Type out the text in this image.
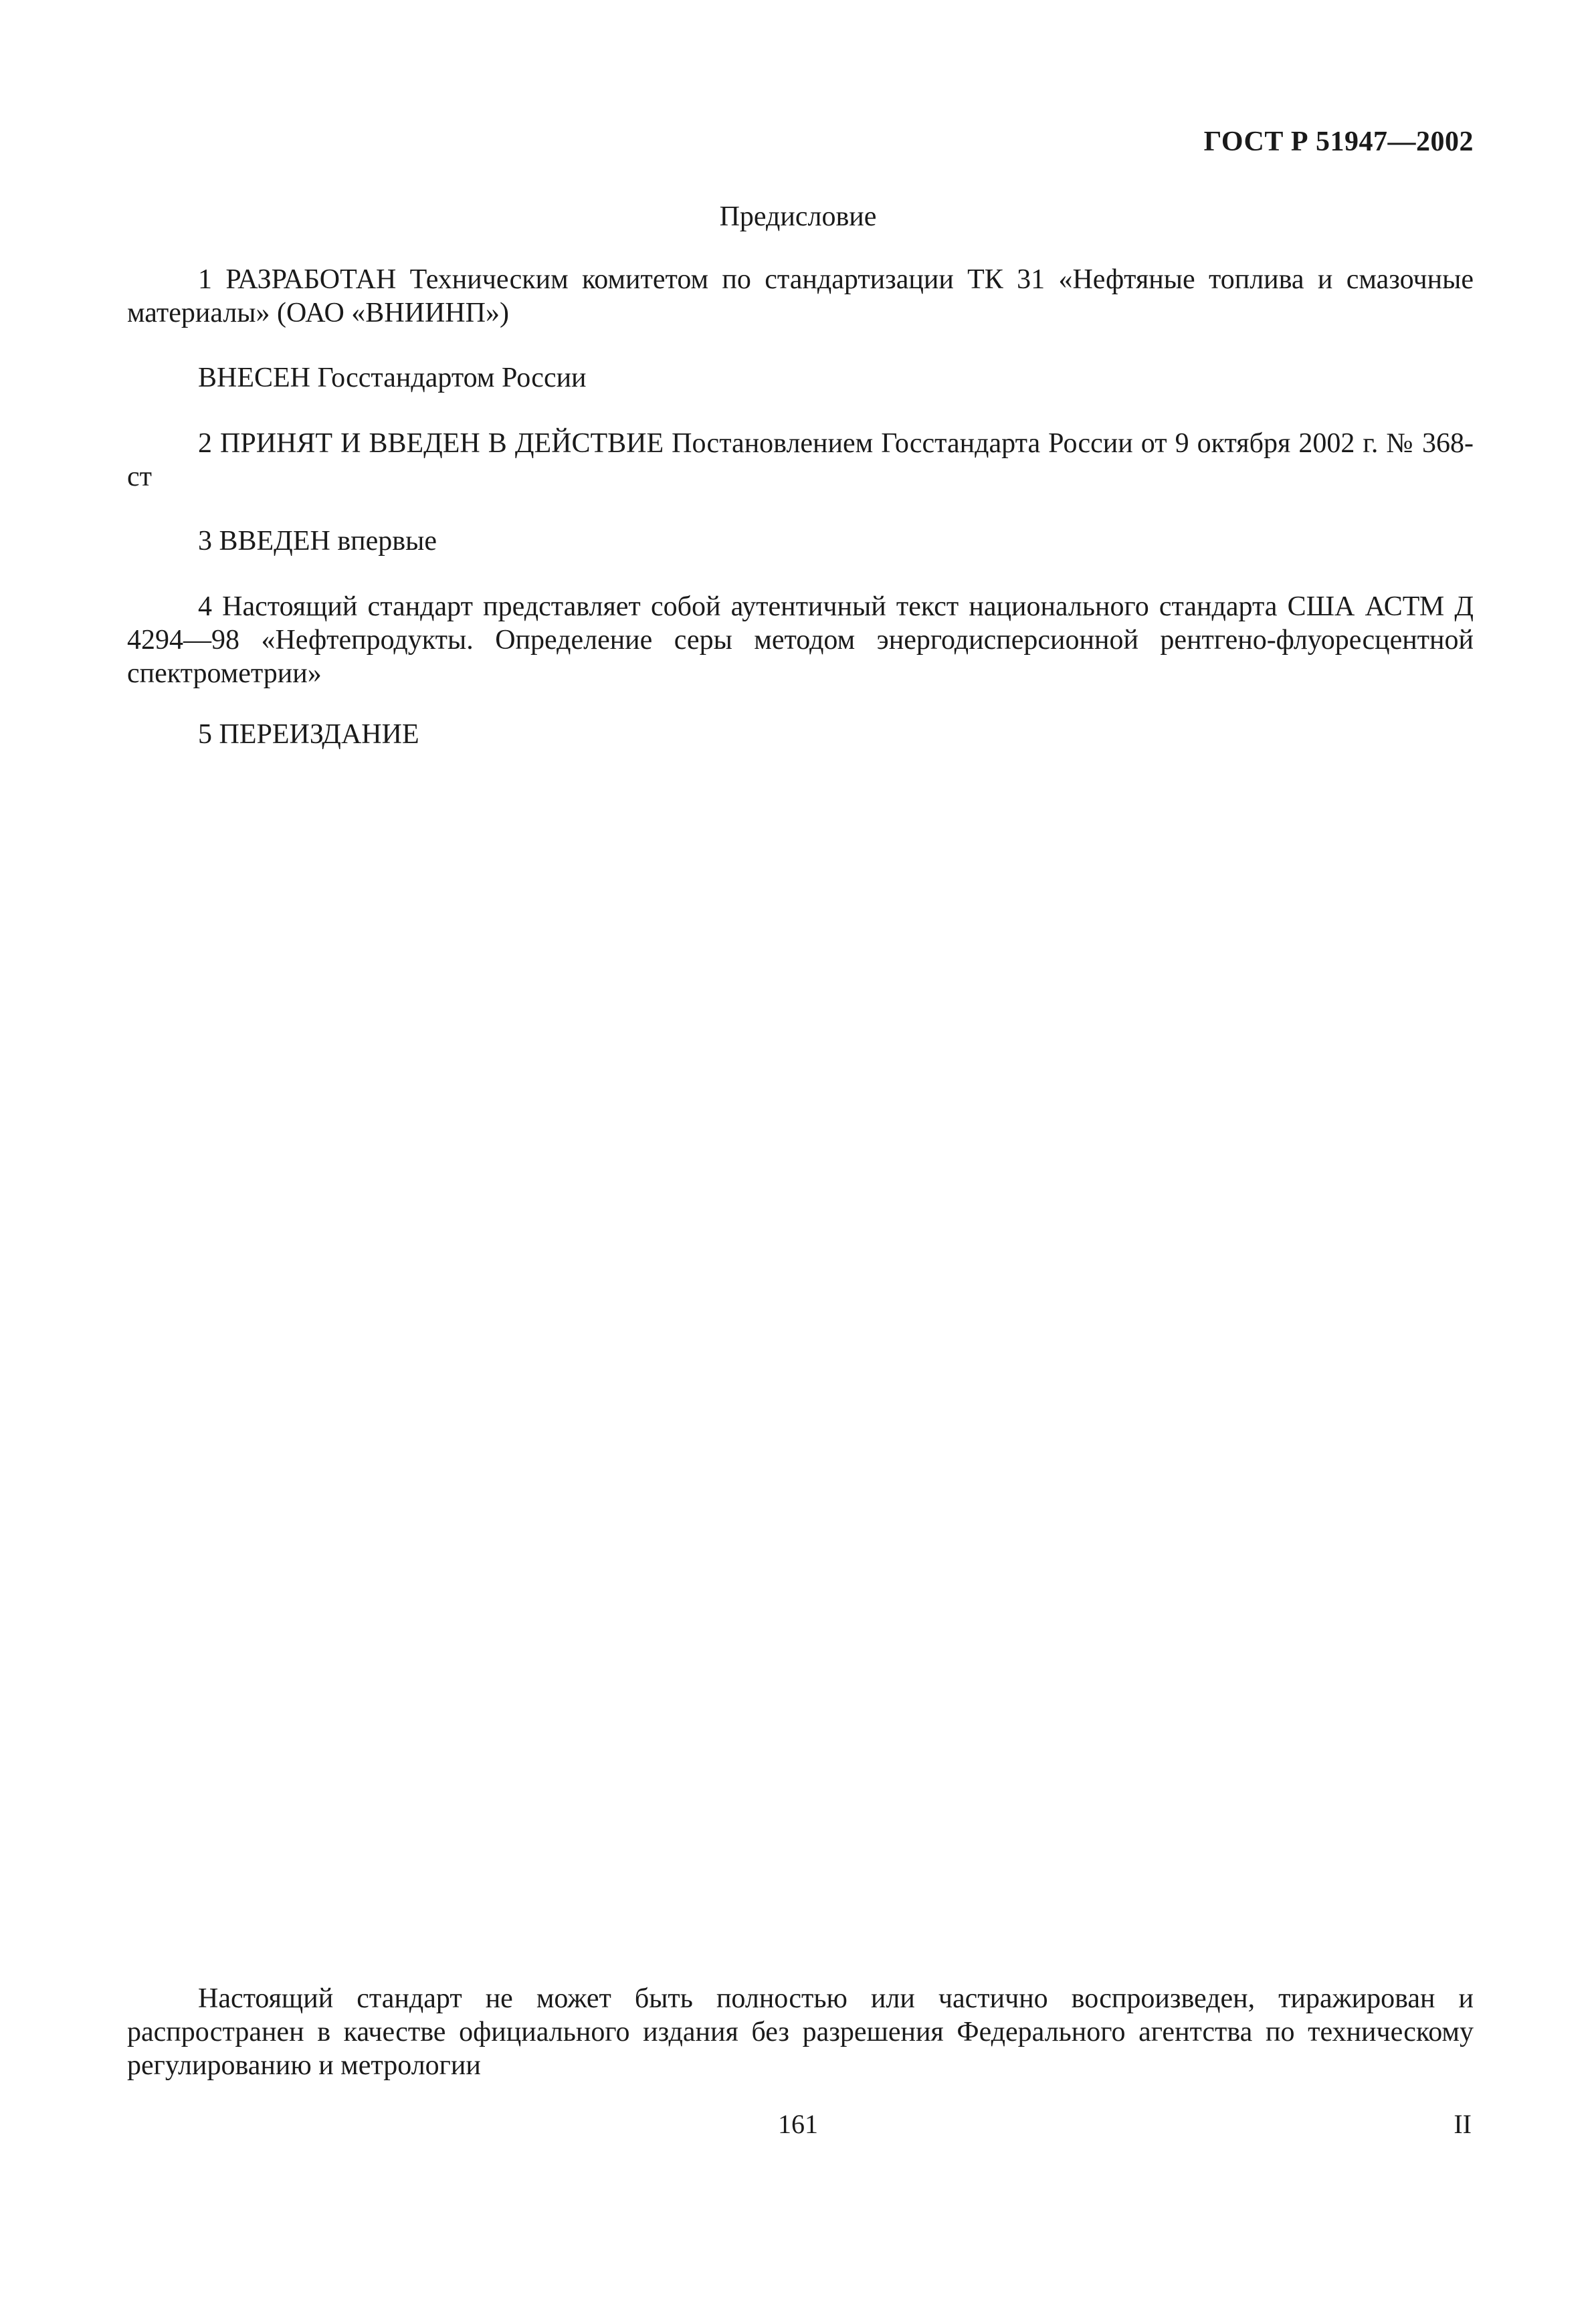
ГОСТ Р 51947—2002
Предисловие

1 РАЗРАБОТАН Техническим комитетом по стандартизации ТК 31 «Нефтяные топлива и смазочные материалы» (ОАО «ВНИИНП»)

ВНЕСЕН Госстандартом России

2 ПРИНЯТ И ВВЕДЕН В ДЕЙСТВИЕ Постановлением Госстандарта России от 9 октября 2002 г. № 368-ст

3 ВВЕДЕН впервые

4 Настоящий стандарт представляет собой аутентичный текст национального стандарта США АСТМ Д 4294—98 «Нефтепродукты. Определение серы методом энергодисперсионной рентгено-флуоресцентной спектрометрии»

5 ПЕРЕИЗДАНИЕ

Настоящий стандарт не может быть полностью или частично воспроизведен, тиражирован и распространен в качестве официального издания без разрешения Федерального агентства по техническому регулированию и метрологии

161	II
